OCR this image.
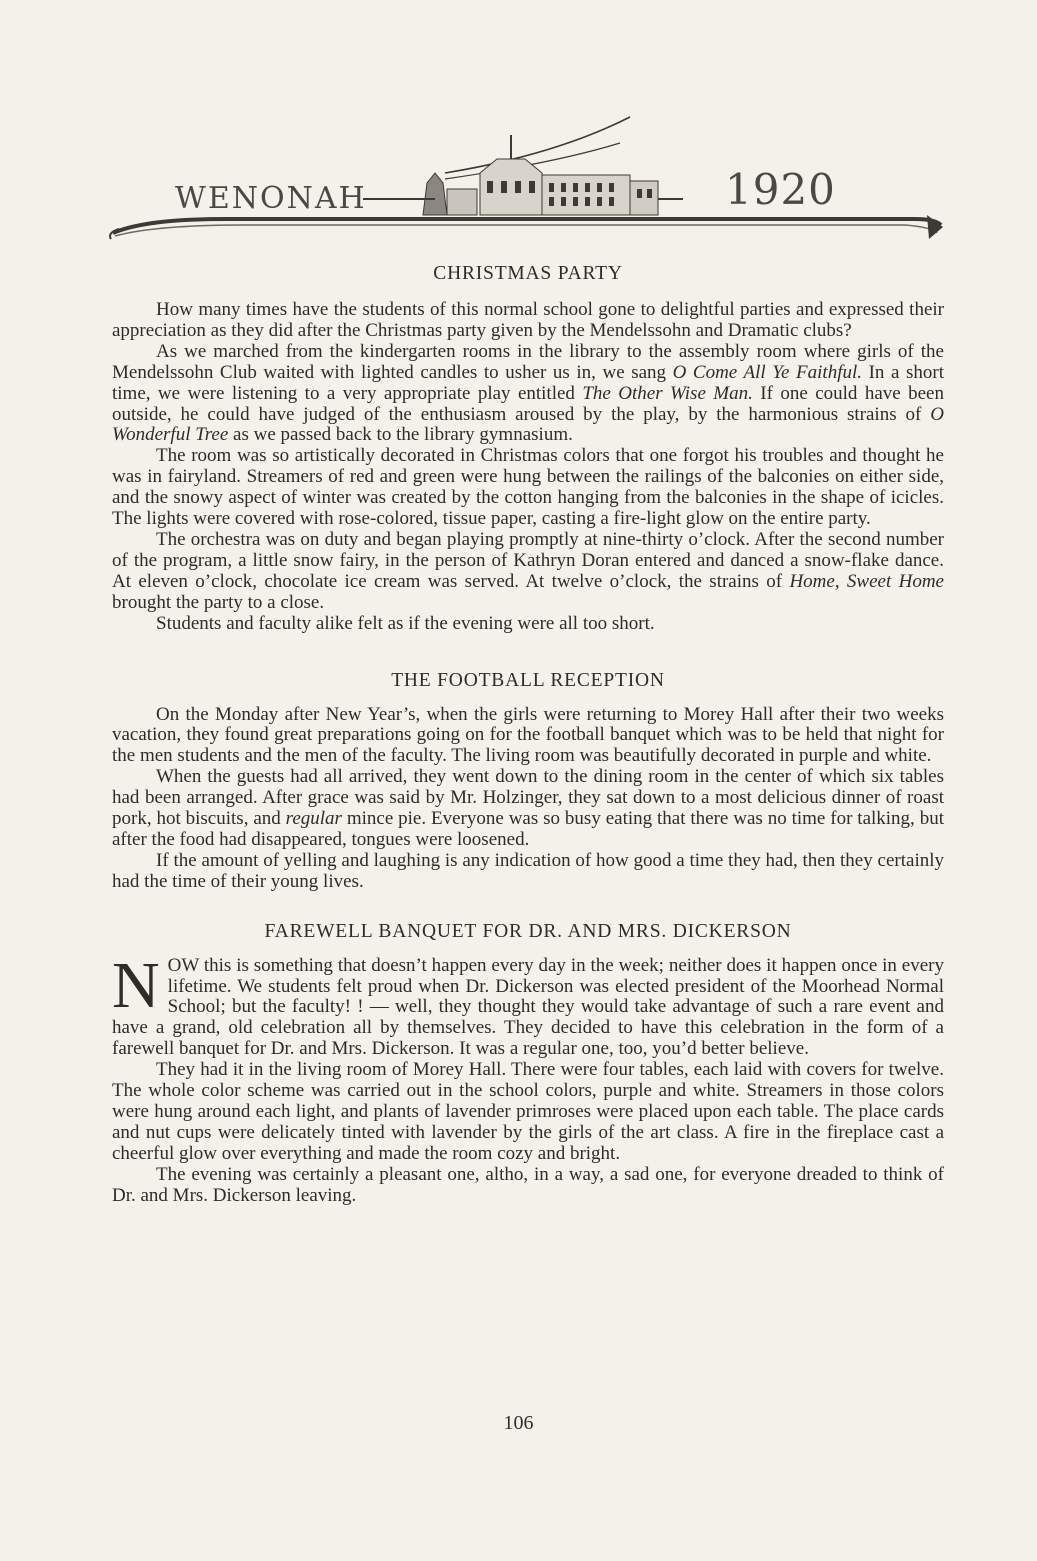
WENONAH	1920
CHRISTMAS PARTY

How many times have the students of this normal school gone to delightful parties and expressed their appreciation as they did after the Christmas party given by the Mendelssohn and Dramatic clubs?

As we marched from the kindergarten rooms in the library to the assembly room where girls of the Mendelssohn Club waited with lighted candles to usher us in, we sang O Come All Ye Faithful. In a short time, we were listening to a very appropriate play entitled The Other Wise Man. If one could have been outside, he could have judged of the enthusiasm aroused by the play, by the harmonious strains of O Wonderful Tree as we passed back to the library gymnasium.

The room was so artistically decorated in Christmas colors that one forgot his troubles and thought he was in fairyland. Streamers of red and green were hung between the railings of the balconies on either side, and the snowy aspect of winter was created by the cotton hanging from the balconies in the shape of icicles. The lights were covered with rose-colored, tissue paper, casting a fire-light glow on the entire party.

The orchestra was on duty and began playing promptly at nine-thirty o’clock. After the second number of the program, a little snow fairy, in the person of Kathryn Doran entered and danced a snow-flake dance. At eleven o’clock, chocolate ice cream was served. At twelve o’clock, the strains of Home, Sweet Home brought the party to a close.

Students and faculty alike felt as if the evening were all too short.

THE FOOTBALL RECEPTION

On the Monday after New Year’s, when the girls were returning to Morey Hall after their two weeks vacation, they found great preparations going on for the football banquet which was to be held that night for the men students and the men of the faculty. The living room was beautifully decorated in purple and white.

When the guests had all arrived, they went down to the dining room in the center of which six tables had been arranged. After grace was said by Mr. Holzinger, they sat down to a most delicious dinner of roast pork, hot biscuits, and regular mince pie. Everyone was so busy eating that there was no time for talking, but after the food had disappeared, tongues were loosened.

If the amount of yelling and laughing is any indication of how good a time they had, then they certainly had the time of their young lives.

FAREWELL BANQUET FOR DR. AND MRS. DICKERSON

NOW this is something that doesn’t happen every day in the week; neither does it happen once in every lifetime. We students felt proud when Dr. Dickerson was elected president of the Moorhead Normal School; but the faculty! ! — well, they thought they would take advantage of such a rare event and have a grand, old celebration all by themselves. They decided to have this celebration in the form of a farewell banquet for Dr. and Mrs. Dickerson. It was a regular one, too, you’d better believe.

They had it in the living room of Morey Hall. There were four tables, each laid with covers for twelve. The whole color scheme was carried out in the school colors, purple and white. Streamers in those colors were hung around each light, and plants of lavender primroses were placed upon each table. The place cards and nut cups were delicately tinted with lavender by the girls of the art class. A fire in the fireplace cast a cheerful glow over everything and made the room cozy and bright.

The evening was certainly a pleasant one, altho, in a way, a sad one, for everyone dreaded to think of Dr. and Mrs. Dickerson leaving.

106
